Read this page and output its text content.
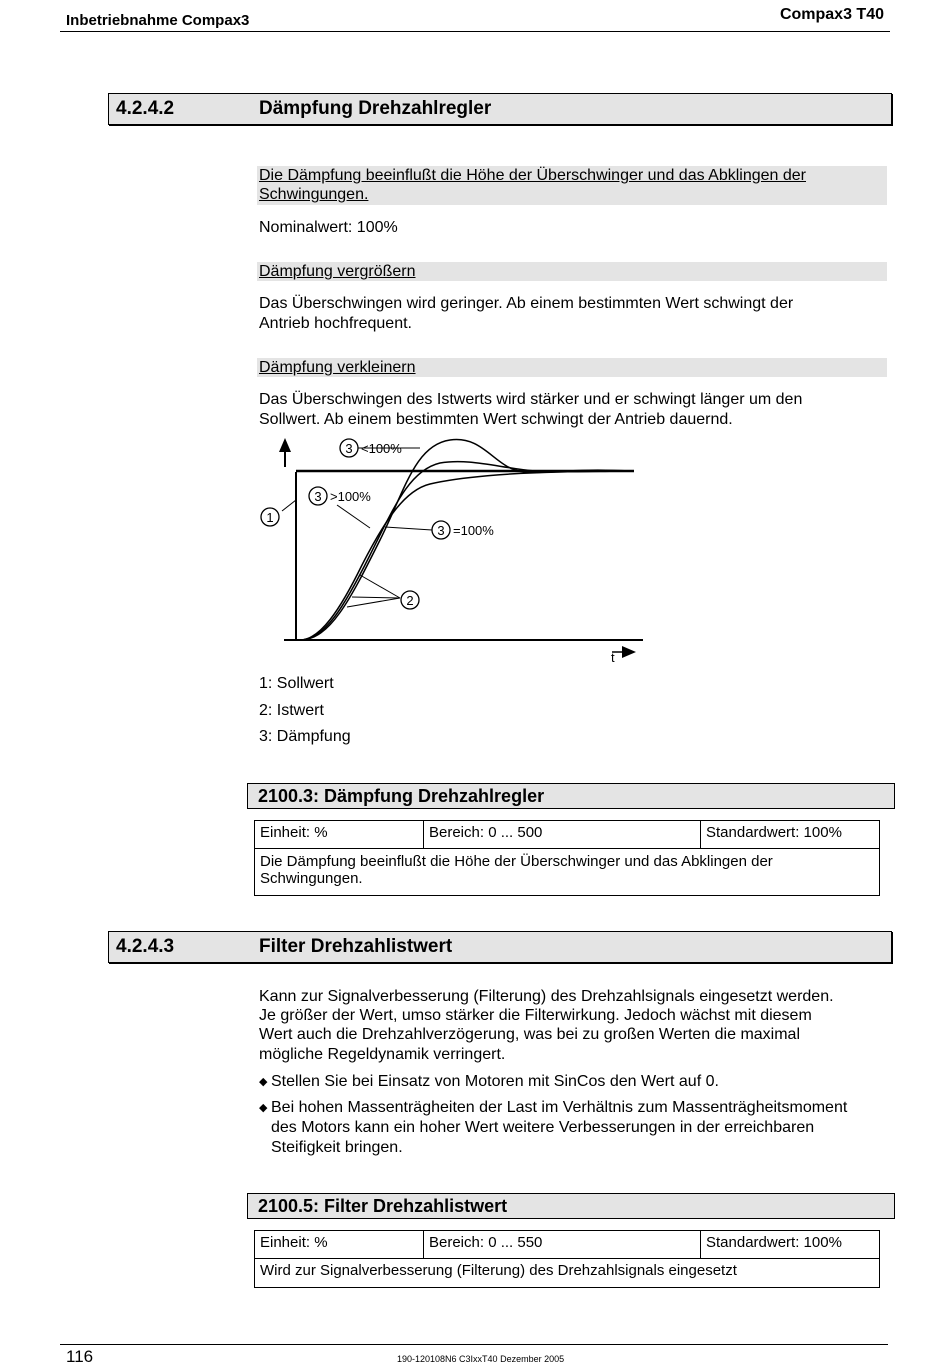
Inbetriebnahme Compax3	Compax3 T40
4.2.4.2	Dämpfung Drehzahlregler
Die Dämpfung beeinflußt die Höhe der Überschwinger und das Abklingen der
Schwingungen.
Nominalwert: 100%
Dämpfung vergrößern
Das Überschwingen wird geringer. Ab einem bestimmten Wert schwingt der
Antrieb hochfrequent.
Dämpfung verkleinern
Das Überschwingen des Istwerts wird stärker und er schwingt länger um den
Sollwert. Ab einem bestimmten Wert schwingt der Antrieb dauernd.
3 <100%
3 >100%
3 =100%
1
2
t
1: Sollwert
2: Istwert
3: Dämpfung
2100.3: Dämpfung Drehzahlregler
Einheit: %	Bereich: 0 ... 500	Standardwert: 100%

Die Dämpfung beeinflußt die Höhe der Überschwinger und das Abklingen der
Schwingungen.
4.2.4.3	Filter Drehzahlistwert
Kann zur Signalverbesserung (Filterung) des Drehzahlsignals eingesetzt werden.
Je größer der Wert, umso stärker die Filterwirkung. Jedoch wächst mit diesem
Wert auch die Drehzahlverzögerung, was bei zu großen Werten die maximal
mögliche Regeldynamik verringert.
◆ Stellen Sie bei Einsatz von Motoren mit SinCos den Wert auf 0.
◆ Bei hohen Massenträgheiten der Last im Verhältnis zum Massenträgheitsmoment
des Motors kann ein hoher Wert weitere Verbesserungen in der erreichbaren
Steifigkeit bringen.
2100.5: Filter Drehzahlistwert
Einheit: %	Bereich: 0 ... 550	Standardwert: 100%
Wird zur Signalverbesserung (Filterung) des Drehzahlsignals eingesetzt
116	190-120108N6 C3IxxT40 Dezember 2005
